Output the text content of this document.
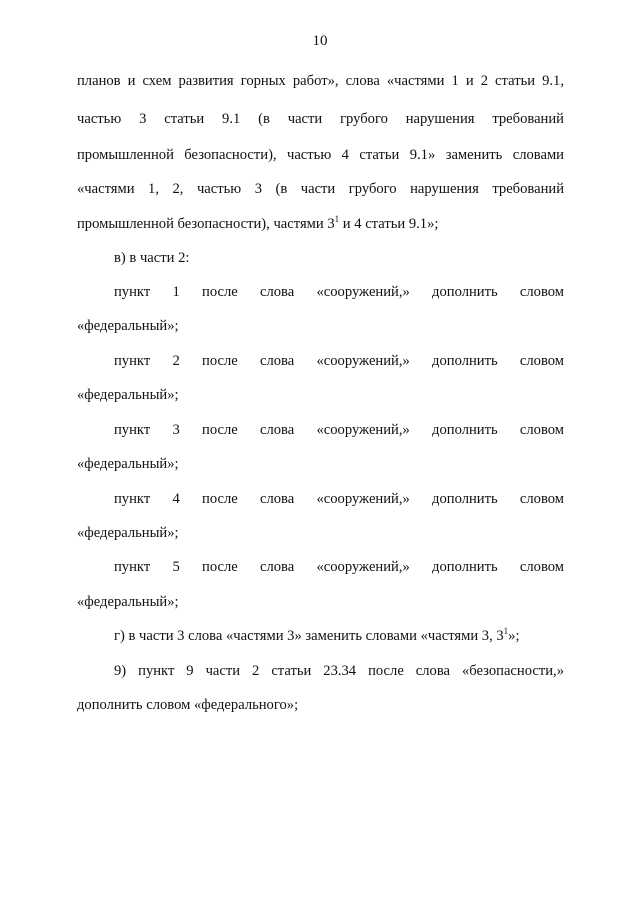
10
планов и схем развития горных работ», слова «частями 1 и 2 статьи 9.1,
частью 3 статьи 9.1 (в части грубого нарушения требований
промышленной безопасности), частью 4 статьи 9.1» заменить словами
«частями 1, 2, частью 3 (в части грубого нарушения требований
промышленной безопасности), частями $3^1$ и 4 статьи 9.1»;
в) в части 2:
пункт 1 после слова «сооружений,» дополнить словом
«федеральный»;
пункт 2 после слова «сооружений,» дополнить словом
«федеральный»;
пункт 3 после слова «сооружений,» дополнить словом
«федеральный»;
пункт 4 после слова «сооружений,» дополнить словом
«федеральный»;
пункт 5 после слова «сооружений,» дополнить словом
«федеральный»;
г) в части 3 слова «частями 3» заменить словами «частями 3, $3^1$»;
9) пункт 9 части 2 статьи 23.34 после слова «безопасности,»
дополнить словом «федерального»;
